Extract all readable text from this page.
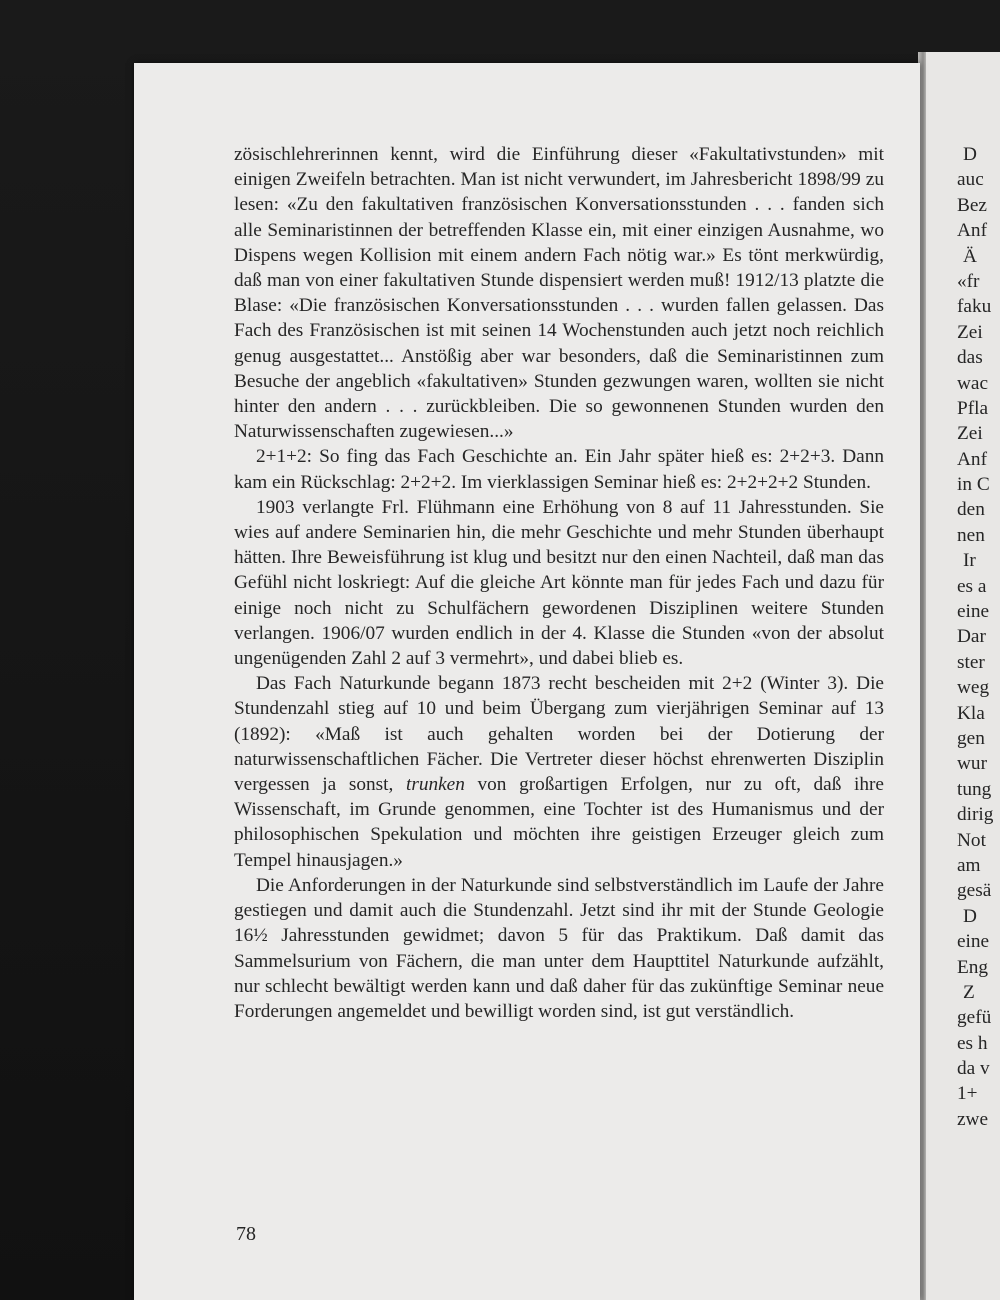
zösischlehrerinnen kennt, wird die Einführung dieser «Fakultativstunden» mit einigen Zweifeln betrachten. Man ist nicht verwundert, im Jahresbericht 1898/99 zu lesen: «Zu den fakultativen französischen Konversationsstunden . . . fanden sich alle Seminaristinnen der betreffenden Klasse ein, mit einer einzigen Ausnahme, wo Dispens wegen Kollision mit einem andern Fach nötig war.» Es tönt merkwürdig, daß man von einer fakultativen Stunde dispensiert werden muß! 1912/13 platzte die Blase: «Die französischen Konversationsstunden . . . wurden fallen gelassen. Das Fach des Französischen ist mit seinen 14 Wochenstunden auch jetzt noch reichlich genug ausgestattet... Anstößig aber war besonders, daß die Seminaristinnen zum Besuche der angeblich «fakultativen» Stunden gezwungen waren, wollten sie nicht hinter den andern . . . zurückbleiben. Die so gewonnenen Stunden wurden den Naturwissenschaften zugewiesen...»

2+1+2: So fing das Fach Geschichte an. Ein Jahr später hieß es: 2+2+3. Dann kam ein Rückschlag: 2+2+2. Im vierklassigen Seminar hieß es: 2+2+2+2 Stunden.

1903 verlangte Frl. Flühmann eine Erhöhung von 8 auf 11 Jahresstunden. Sie wies auf andere Seminarien hin, die mehr Geschichte und mehr Stunden überhaupt hätten. Ihre Beweisführung ist klug und besitzt nur den einen Nachteil, daß man das Gefühl nicht loskriegt: Auf die gleiche Art könnte man für jedes Fach und dazu für einige noch nicht zu Schulfächern gewordenen Disziplinen weitere Stunden verlangen. 1906/07 wurden endlich in der 4. Klasse die Stunden «von der absolut ungenügenden Zahl 2 auf 3 vermehrt», und dabei blieb es.

Das Fach Naturkunde begann 1873 recht bescheiden mit 2+2 (Winter 3). Die Stundenzahl stieg auf 10 und beim Übergang zum vierjährigen Seminar auf 13 (1892): «Maß ist auch gehalten worden bei der Dotierung der naturwissenschaftlichen Fächer. Die Vertreter dieser höchst ehrenwerten Disziplin vergessen ja sonst, trunken von großartigen Erfolgen, nur zu oft, daß ihre Wissenschaft, im Grunde genommen, eine Tochter ist des Humanismus und der philosophischen Spekulation und möchten ihre geistigen Erzeuger gleich zum Tempel hinausjagen.»

Die Anforderungen in der Naturkunde sind selbstverständlich im Laufe der Jahre gestiegen und damit auch die Stundenzahl. Jetzt sind ihr mit der Stunde Geologie 16½ Jahresstunden gewidmet; davon 5 für das Praktikum. Daß damit das Sammelsurium von Fächern, die man unter dem Haupttitel Naturkunde aufzählt, nur schlecht bewältigt werden kann und daß daher für das zukünftige Seminar neue Forderungen angemeldet und bewilligt worden sind, ist gut verständlich.

78
D
auc
Bez
Anf
Ä
«fr
faku
Zei
das
wac
Pfla
Zei
Anf
in C
den
nen
Ir
es a
eine
Dar
ster
weg
Kla
gen
wur
tung
dirig
Not
am
gesä
D
eine
Eng
Z
gefü
es h
da v
1+
zwe
